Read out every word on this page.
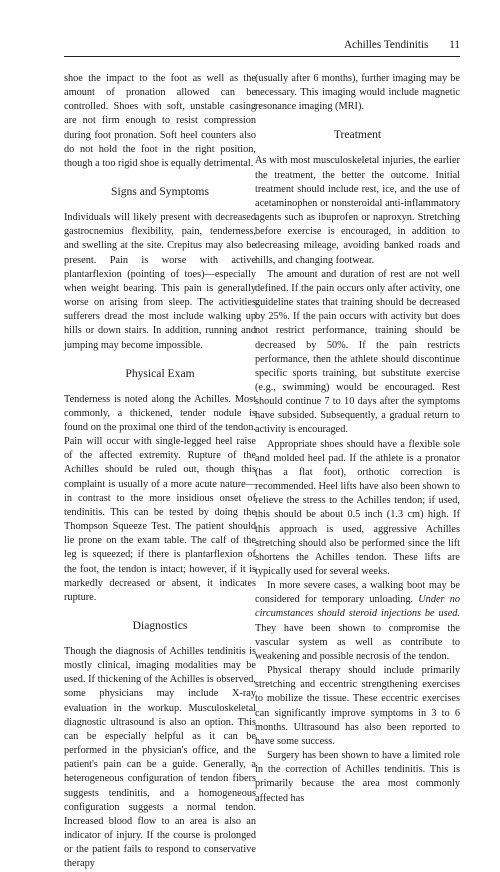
Achilles Tendinitis 11

shoe the impact to the foot as well as the amount of pronation allowed can be controlled. Shoes with soft, unstable casing are not firm enough to resist compression during foot pronation. Soft heel counters also do not hold the foot in the right position, though a too rigid shoe is equally detrimental.

Signs and Symptoms

Individuals will likely present with decreased gastrocnemius flexibility, pain, tenderness, and swelling at the site. Crepitus may also be present. Pain is worse with active plantarflexion (pointing of toes)—especially when weight bearing. This pain is generally worse on arising from sleep. The activities sufferers dread the most include walking up hills or down stairs. In addition, running and jumping may become impossible.

Physical Exam

Tenderness is noted along the Achilles. Most commonly, a thickened, tender nodule is found on the proximal one third of the tendon. Pain will occur with single-legged heel raise of the affected extremity. Rupture of the Achilles should be ruled out, though this complaint is usually of a more acute nature—in contrast to the more insidious onset of tendinitis. This can be tested by doing the Thompson Squeeze Test. The patient should lie prone on the exam table. The calf of the leg is squeezed; if there is plantarflexion of the foot, the tendon is intact; however, if it is markedly decreased or absent, it indicates rupture.

Diagnostics

Though the diagnosis of Achilles tendinitis is mostly clinical, imaging modalities may be used. If thickening of the Achilles is observed, some physicians may include X-ray evaluation in the workup. Musculoskeletal diagnostic ultrasound is also an option. This can be especially helpful as it can be performed in the physician's office, and the patient's pain can be a guide. Generally, a heterogeneous configuration of tendon fibers suggests tendinitis, and a homogeneous configuration suggests a normal tendon. Increased blood flow to an area is also an indicator of injury. If the course is prolonged or the patient fails to respond to conservative therapy

(usually after 6 months), further imaging may be necessary. This imaging would include magnetic resonance imaging (MRI).

Treatment

As with most musculoskeletal injuries, the earlier the treatment, the better the outcome. Initial treatment should include rest, ice, and the use of acetaminophen or nonsteroidal anti-inflammatory agents such as ibuprofen or naproxyn. Stretching before exercise is encouraged, in addition to decreasing mileage, avoiding banked roads and hills, and changing footwear.

The amount and duration of rest are not well defined. If the pain occurs only after activity, one guideline states that training should be decreased by 25%. If the pain occurs with activity but does not restrict performance, training should be decreased by 50%. If the pain restricts performance, then the athlete should discontinue specific sports training, but substitute exercise (e.g., swimming) would be encouraged. Rest should continue 7 to 10 days after the symptoms have subsided. Subsequently, a gradual return to activity is encouraged.

Appropriate shoes should have a flexible sole and molded heel pad. If the athlete is a pronator (has a flat foot), orthotic correction is recommended. Heel lifts have also been shown to relieve the stress to the Achilles tendon; if used, this should be about 0.5 inch (1.3 cm) high. If this approach is used, aggressive Achilles stretching should also be performed since the lift shortens the Achilles tendon. These lifts are typically used for several weeks.

In more severe cases, a walking boot may be considered for temporary unloading. Under no circumstances should steroid injections be used. They have been shown to compromise the vascular system as well as contribute to weakening and possible necrosis of the tendon.

Physical therapy should include primarily stretching and eccentric strengthening exercises to mobilize the tissue. These eccentric exercises can significantly improve symptoms in 3 to 6 months. Ultrasound has also been reported to have some success.

Surgery has been shown to have a limited role in the correction of Achilles tendinitis. This is primarily because the area most commonly affected has
